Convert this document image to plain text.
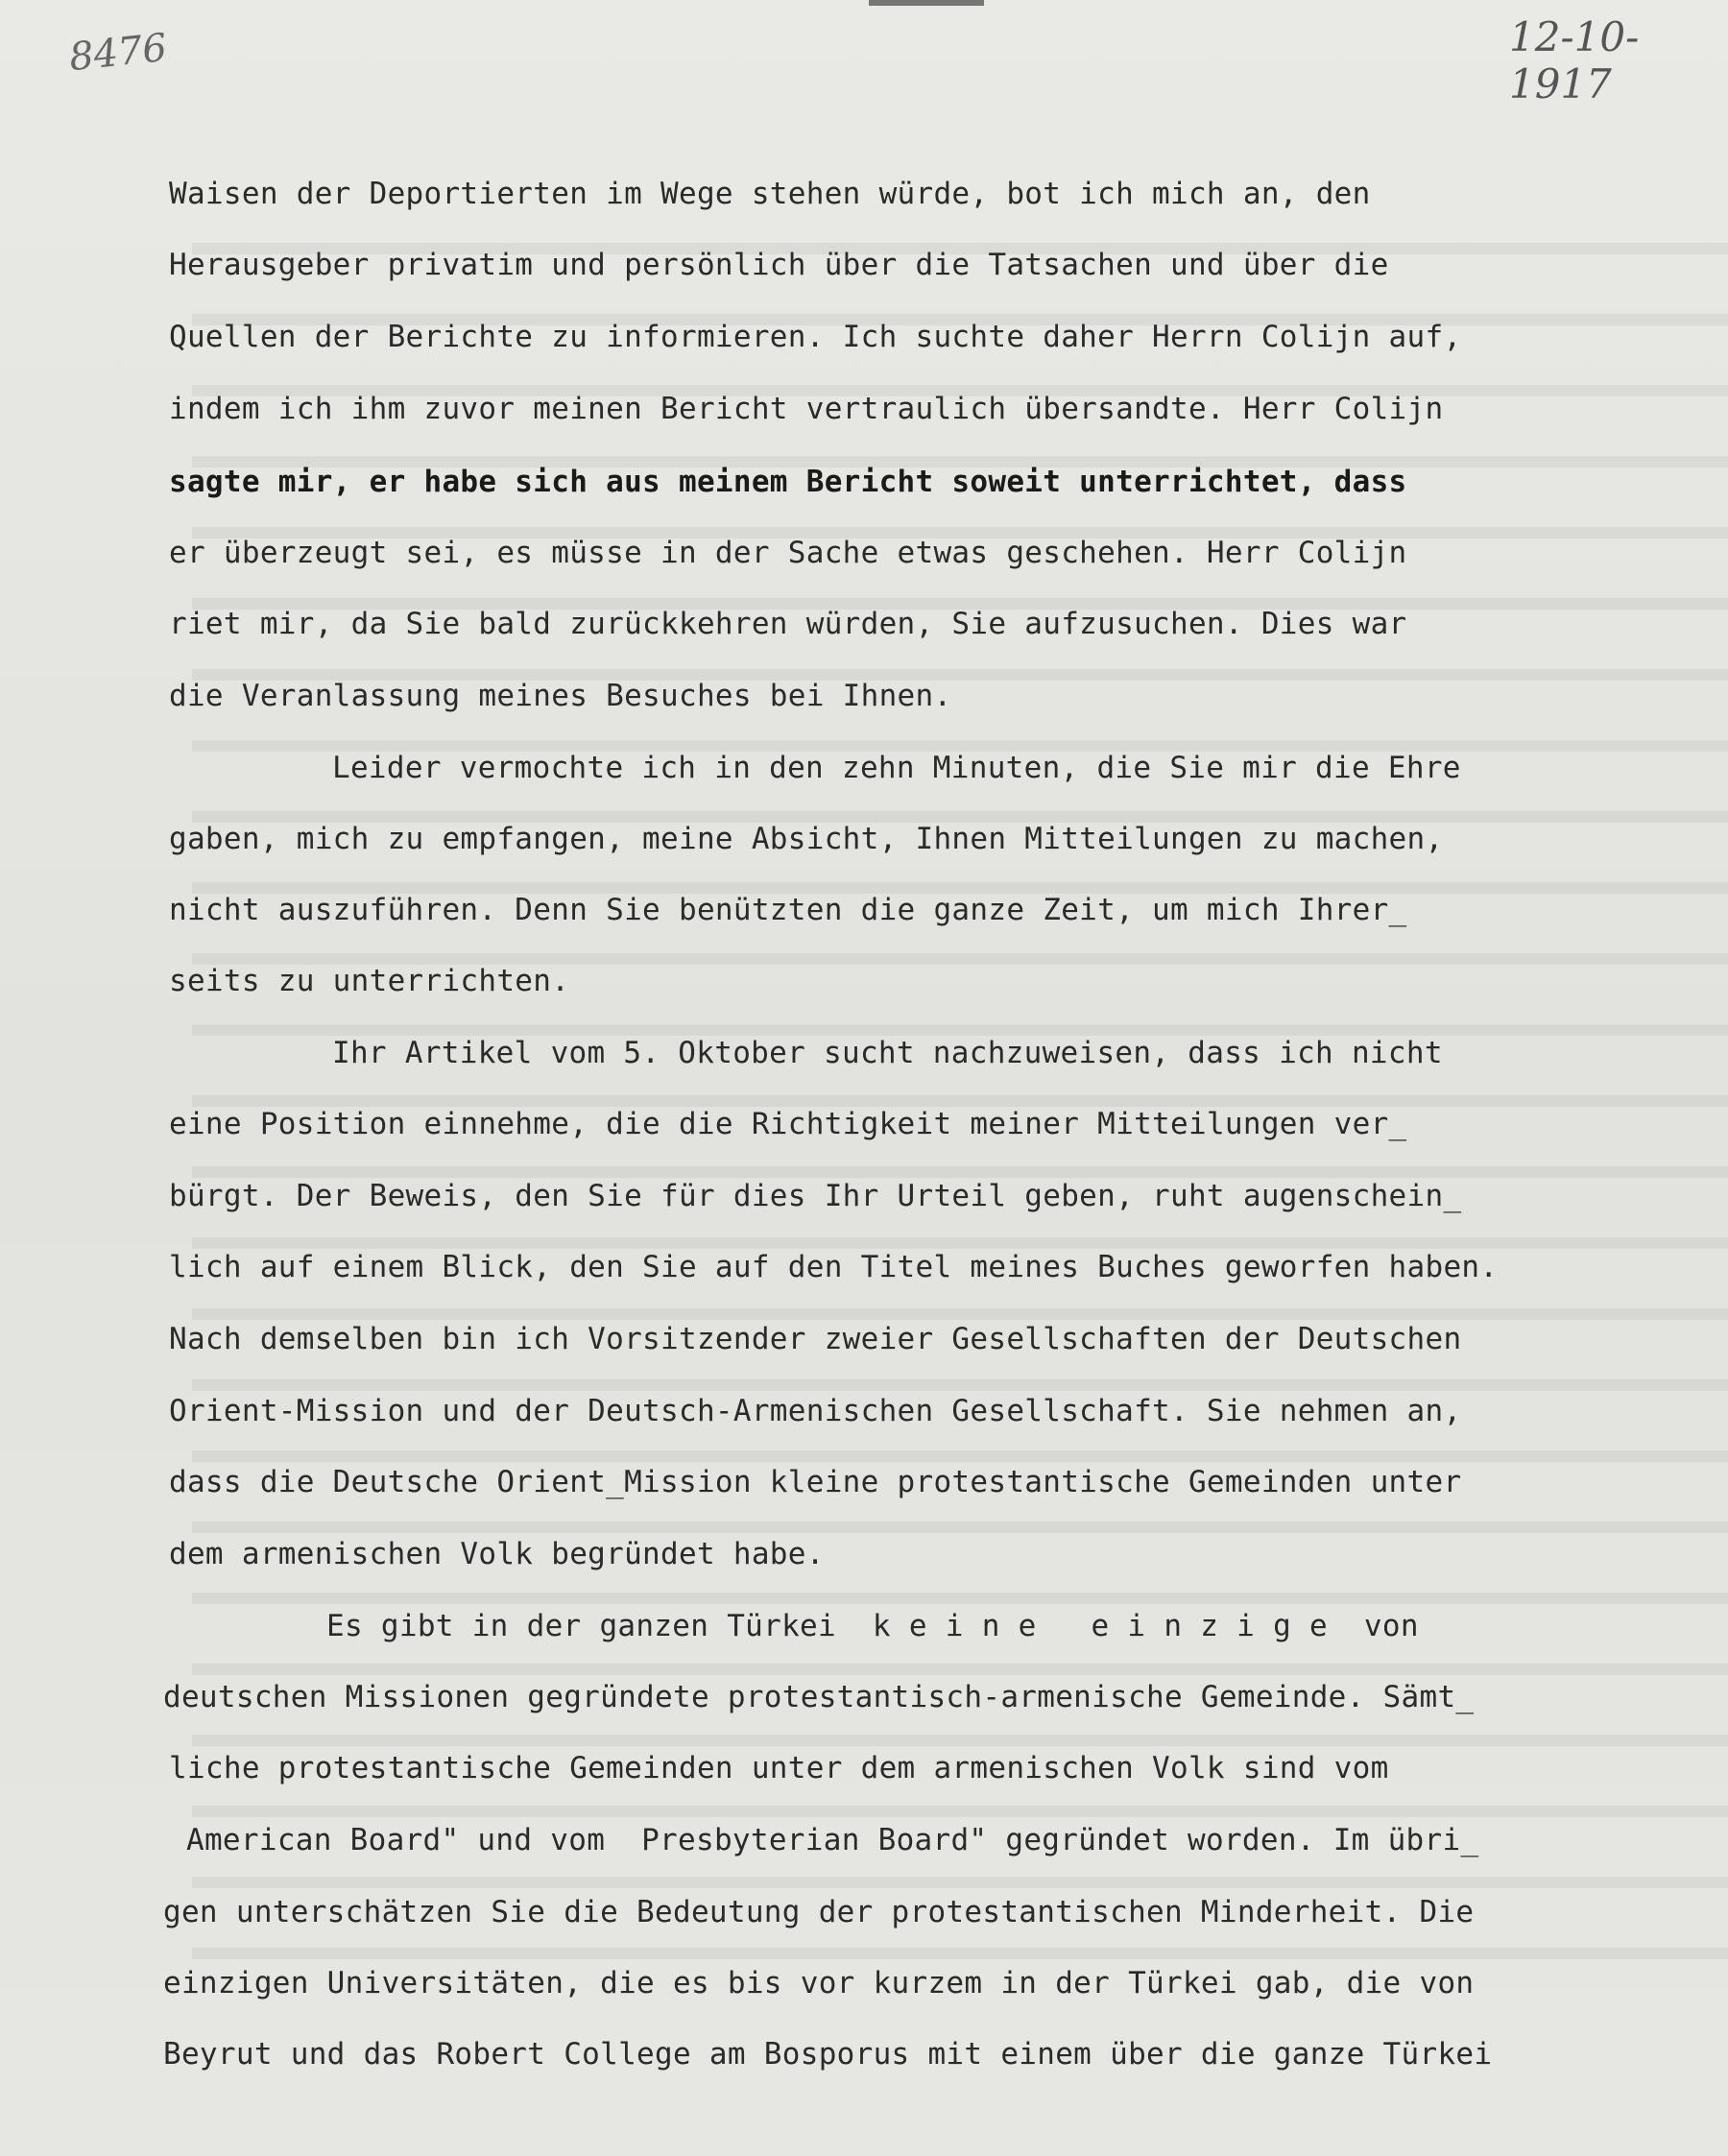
8476	12-10-1917
Waisen der Deportierten im Wege stehen würde, bot ich mich an, den
Herausgeber privatim und persönlich über die Tatsachen und über die
Quellen der Berichte zu informieren. Ich suchte daher Herrn Colijn auf,
indem ich ihm zuvor meinen Bericht vertraulich übersandte. Herr Colijn
sagte mir, er habe sich aus meinem Bericht soweit unterrichtet, dass
er überzeugt sei, es müsse in der Sache etwas geschehen. Herr Colijn
riet mir, da Sie bald zurückkehren würden, Sie aufzusuchen. Dies war
die Veranlassung meines Besuches bei Ihnen.
Leider vermochte ich in den zehn Minuten, die Sie mir die Ehre
gaben, mich zu empfangen, meine Absicht, Ihnen Mitteilungen zu machen,
nicht auszuführen. Denn Sie benützten die ganze Zeit, um mich Ihrer_
seits zu unterrichten.
Ihr Artikel vom 5. Oktober sucht nachzuweisen, dass ich nicht
eine Position einnehme, die die Richtigkeit meiner Mitteilungen ver_
bürgt. Der Beweis, den Sie für dies Ihr Urteil geben, ruht augenschein_
lich auf einem Blick, den Sie auf den Titel meines Buches geworfen haben.
Nach demselben bin ich Vorsitzender zweier Gesellschaften der Deutschen
Orient-Mission und der Deutsch-Armenischen Gesellschaft. Sie nehmen an,
dass die Deutsche Orient_Mission kleine protestantische Gemeinden unter
dem armenischen Volk begründet habe.
Es gibt in der ganzen Türkei  k e i n e   e i n z i g e  von
deutschen Missionen gegründete protestantisch-armenische Gemeinde. Sämt_
liche protestantische Gemeinden unter dem armenischen Volk sind vom
American Board" und vom  Presbyterian Board" gegründet worden. Im übri_
gen unterschätzen Sie die Bedeutung der protestantischen Minderheit. Die
einzigen Universitäten, die es bis vor kurzem in der Türkei gab, die von
Beyrut und das Robert College am Bosporus mit einem über die ganze Türkei
